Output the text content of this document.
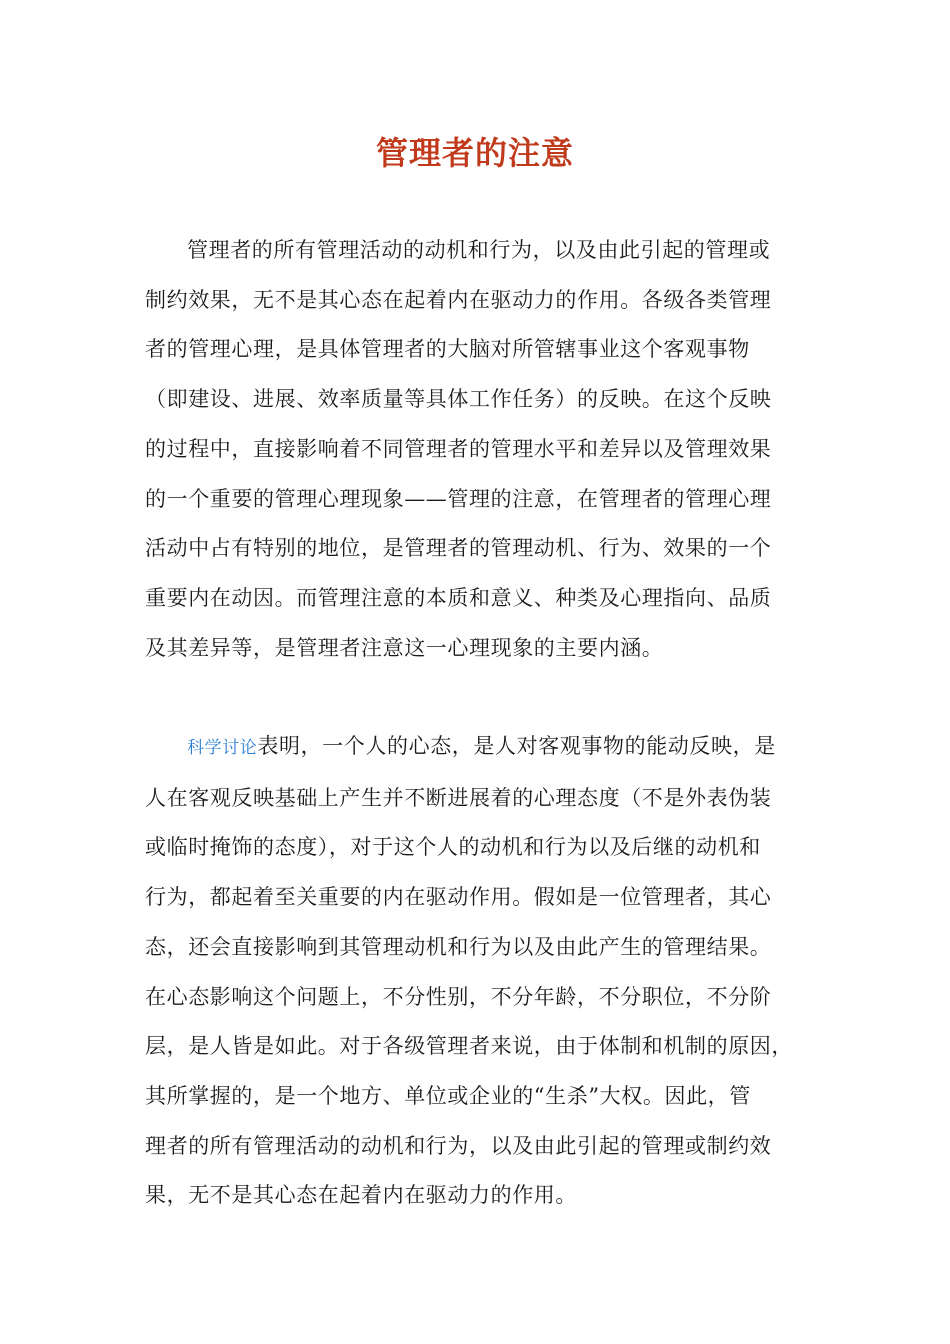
管理者的注意
管理者的所有管理活动的动机和行为，以及由此引起的管理或
制约效果，无不是其心态在起着内在驱动力的作用。各级各类管理
者的管理心理，是具体管理者的大脑对所管辖事业这个客观事物
（即建设、进展、效率质量等具体工作任务）的反映。在这个反映
的过程中，直接影响着不同管理者的管理水平和差异以及管理效果
的一个重要的管理心理现象——管理的注意，在管理者的管理心理
活动中占有特别的地位，是管理者的管理动机、行为、效果的一个
重要内在动因。而管理注意的本质和意义、种类及心理指向、品质
及其差异等，是管理者注意这一心理现象的主要内涵。
科学讨论表明，一个人的心态，是人对客观事物的能动反映，是
人在客观反映基础上产生并不断进展着的心理态度（不是外表伪装
或临时掩饰的态度），对于这个人的动机和行为以及后继的动机和
行为，都起着至关重要的内在驱动作用。假如是一位管理者，其心
态，还会直接影响到其管理动机和行为以及由此产生的管理结果。
在心态影响这个问题上，不分性别，不分年龄，不分职位，不分阶
层，是人皆是如此。对于各级管理者来说，由于体制和机制的原因，
其所掌握的，是一个地方、单位或企业的“生杀”大权。因此，管
理者的所有管理活动的动机和行为，以及由此引起的管理或制约效
果，无不是其心态在起着内在驱动力的作用。
